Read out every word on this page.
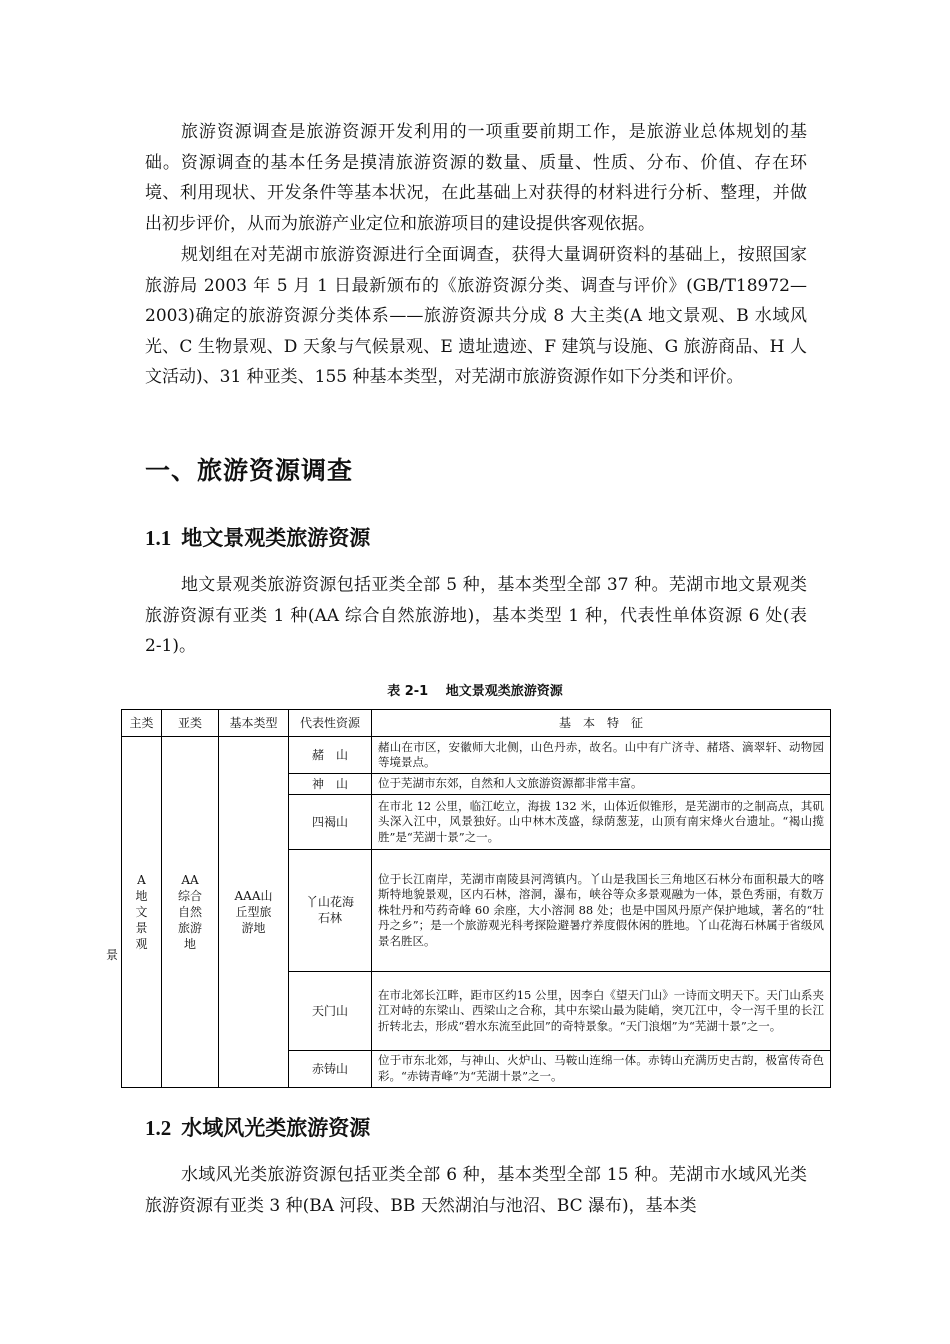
旅游资源调查是旅游资源开发利用的一项重要前期工作，是旅游业总体规划的基础。资源调查的基本任务是摸清旅游资源的数量、质量、性质、分布、价值、存在环境、利用现状、开发条件等基本状况，在此基础上对获得的材料进行分析、整理，并做出初步评价，从而为旅游产业定位和旅游项目的建设提供客观依据。

规划组在对芜湖市旅游资源进行全面调查，获得大量调研资料的基础上，按照国家旅游局 2003 年 5 月 1 日最新颁布的《旅游资源分类、调查与评价》(GB/T18972—2003)确定的旅游资源分类体系——旅游资源共分成 8 大主类(A 地文景观、B 水域风光、C 生物景观、D 天象与气候景观、E 遗址遗迹、F 建筑与设施、G 旅游商品、H 人文活动)、31 种亚类、155 种基本类型，对芜湖市旅游资源作如下分类和评价。

一、旅游资源调查
1.1 地文景观类旅游资源

地文景观类旅游资源包括亚类全部 5 种，基本类型全部 37 种。芜湖市地文景观类旅游资源有亚类 1 种(AA 综合自然旅游地)，基本类型 1 种，代表性单体资源 6 处(表 2-1)。

表 2-1　 地文景观类旅游资源
主类	亚类	基本类型	代表性资源	基　本　特　征
A地文景观	AA综合自然旅游地	AAA山丘型旅游地	赭　山	赭山在市区，安徽师大北侧，山色丹赤，故名。山中有广济寺、赭塔、滴翠轩、动物园等境景点。
			神　山	位于芜湖市东郊，自然和人文旅游资源都非常丰富。
			四褐山	在市北 12 公里，临江屹立，海拔 132 米，山体近似锥形，是芜湖市的之制高点，其矶头深入江中，风景独好。山中林木茂盛，绿荫葱茏，山顶有南宋烽火台遗址。“褐山揽胜”是“芜湖十景”之一。
			丫山花海石林	位于长江南岸，芜湖市南陵县河湾镇内。丫山是我国长三角地区石林分布面积最大的喀斯特地貌景观，区内石林，溶洞，瀑布，峡谷等众多景观融为一体，景色秀丽，有数万株牡丹和芍药奇峰 60 余座，大小溶洞 88 处；也是中国风丹原产保护地域，著名的“牡丹之乡”；是一个旅游观光科考探险避暑疗养度假休闲的胜地。丫山花海石林属于省级风景名胜区。
			天门山	在市北郊长江畔，距市区约15 公里，因李白《望天门山》一诗而文明天下。天门山系夹江对峙的东梁山、西梁山之合称，其中东梁山最为陡峭，突兀江中，令一泻千里的长江折转北去，形成“碧水东流至此回”的奇特景象。“天门浪烟”为“芜湖十景”之一。
			赤铸山	位于市东北郊，与神山、火炉山、马鞍山连绵一体。赤铸山充满历史古韵，极富传奇色彩。“赤铸青峰”为“芜湖十景”之一。
景
1.2 水域风光类旅游资源

水域风光类旅游资源包括亚类全部 6 种，基本类型全部 15 种。芜湖市水域风光类旅游资源有亚类 3 种(BA 河段、BB 天然湖泊与池沼、BC 瀑布)，基本类
